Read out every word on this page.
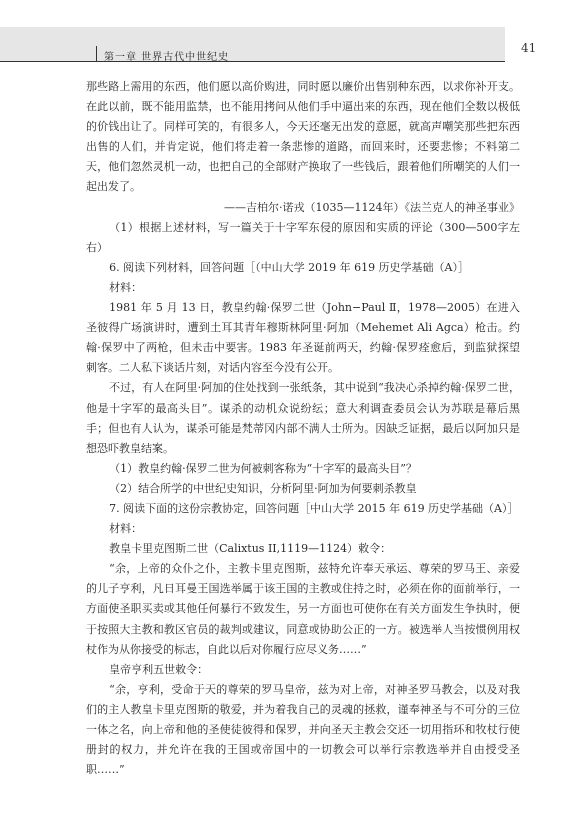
第一章 世界古代中世纪史
41

那些路上需用的东西，他们愿以高价购进，同时愿以廉价出售别种东西，以求你补开支。在此以前，既不能用监禁，也不能用拷问从他们手中逼出来的东西，现在他们全数以极低的价钱出让了。同样可笑的，有很多人，今天还毫无出发的意愿，就高声嘲笑那些把东西出售的人们，并肯定说，他们将走着一条悲惨的道路，而回来时，还要悲惨；不料第二天，他们忽然灵机一动，也把自己的全部财产换取了一些钱后，跟着他们所嘲笑的人们一起出发了。

——吉柏尔·诺戎（1035—1124年）《法兰克人的神圣事业》

（1）根据上述材料，写一篇关于十字军东侵的原因和实质的评论（300—500字左右）

6. 阅读下列材料，回答问题［（中山大学 2019 年 619 历史学基础（A）］

材料：

1981 年 5 月 13 日，教皇约翰·保罗二世（John−Paul Ⅱ，1978—2005）在进入圣彼得广场演讲时，遭到土耳其青年穆斯林阿里·阿加（Mehemet Ali Agca）枪击。约翰·保罗中了两枪，但未击中要害。1983 年圣诞前两天，约翰·保罗痊愈后，到监狱探望刺客。二人私下谈话片刻，对话内容至今没有公开。

不过，有人在阿里·阿加的住处找到一张纸条，其中说到“我决心杀掉约翰·保罗二世，他是十字军的最高头目”。谋杀的动机众说纷纭；意大利调查委员会认为苏联是幕后黑手；但也有人认为，谋杀可能是梵蒂冈内部不满人士所为。因缺乏证据，最后以阿加只是想恐吓教皇结案。

（1）教皇约翰·保罗二世为何被刺客称为“十字军的最高头目”？

（2）结合所学的中世纪史知识，分析阿里·阿加为何要刺杀教皇

7. 阅读下面的这份宗教协定，回答问题［中山大学 2015 年 619 历史学基础（A）］

材料：

教皇卡里克图斯二世（Calixtus II,1119—1124）敕令：

“余，上帝的众仆之仆，主教卡里克图斯，兹特允许奉天承运、尊荣的罗马王、亲爱的儿子亨利，凡日耳曼王国选举属于该王国的主教或住持之时，必须在你的面前举行，一方面使圣职买卖或其他任何暴行不致发生，另一方面也可使你在有关方面发生争执时，便于按照大主教和教区官员的裁判或建议，同意或协助公正的一方。被选举人当按惯例用权杖作为从你接受的标志，自此以后对你履行应尽义务……”

皇帝亨利五世敕令：

“余，亨利，受命于天的尊荣的罗马皇帝，兹为对上帝，对神圣罗马教会，以及对我们的主人教皇卡里克图斯的敬爱，并为着我自己的灵魂的拯救，谨奉神圣与不可分的三位一体之名，向上帝和他的圣使徒彼得和保罗，并向圣天主教会交还一切用指环和牧杖行使册封的权力，并允许在我的王国或帝国中的一切教会可以举行宗教选举并自由授受圣职……”
